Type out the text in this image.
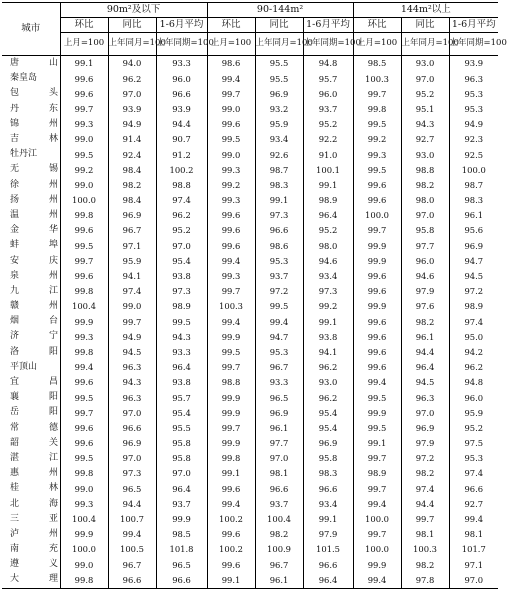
城市	90m²及以下			90-144m²			144m²以上		
	环比	同比	1-6月平均	环比	同比	1-6月平均	环比	同比	1-6月平均
	上月=100	上年同月=100	上年同期=100	上月=100	上年同月=100	上年同期=100	上月=100	上年同月=100	上年同期=100
唐山	99.1	94.0	93.3	98.6	95.5	94.8	98.5	93.0	93.9
秦皇岛	99.6	96.2	96.0	99.4	95.5	95.7	100.3	97.0	96.3
包头	99.6	97.0	96.6	99.7	96.9	96.0	99.7	95.2	95.3
丹东	99.7	93.9	93.9	99.0	93.2	93.7	99.8	95.1	95.3
锦州	99.3	94.9	94.4	99.6	95.9	95.2	99.5	94.3	94.9
吉林	99.0	91.4	90.7	99.5	93.4	92.2	99.2	92.7	92.3
牡丹江	99.5	92.4	91.2	99.0	92.6	91.0	99.3	93.0	92.5
无锡	99.2	98.4	100.2	99.3	98.7	100.1	99.5	98.8	100.0
徐州	99.0	98.2	98.8	99.2	98.3	99.1	99.6	98.2	98.7
扬州	100.0	98.4	97.4	99.3	99.1	98.9	99.6	98.0	98.3
温州	99.8	96.9	96.2	99.6	97.3	96.4	100.0	97.0	96.1
金华	99.6	96.7	95.2	99.6	96.6	95.2	99.7	95.8	95.6
蚌埠	99.5	97.1	97.0	99.6	98.6	98.0	99.9	97.7	96.9
安庆	99.7	95.9	95.4	99.4	95.3	94.6	99.9	96.0	94.7
泉州	99.6	94.1	93.8	99.3	93.7	93.4	99.6	94.6	94.5
九江	99.8	97.4	97.3	99.7	97.2	97.3	99.6	97.9	97.2
赣州	100.4	99.0	98.9	100.3	99.5	99.2	99.9	97.6	98.9
烟台	99.9	99.7	99.5	99.4	99.4	99.1	99.6	98.2	97.4
济宁	99.3	94.9	94.3	99.9	94.7	93.8	99.6	96.1	95.0
洛阳	99.8	94.5	93.3	99.5	95.3	94.1	99.6	94.4	94.2
平顶山	99.4	96.3	96.4	99.7	96.7	96.2	99.6	96.4	96.2
宜昌	99.6	94.3	93.8	98.8	93.3	93.0	99.4	94.5	94.8
襄阳	99.5	96.3	95.7	99.9	96.5	96.2	99.5	96.3	96.0
岳阳	99.7	97.0	95.4	99.9	96.9	95.4	99.9	97.0	95.9
常德	99.6	96.6	95.5	99.7	96.1	95.4	99.5	96.9	95.2
韶关	99.6	96.9	95.8	99.9	97.7	96.9	99.1	97.9	97.5
湛江	99.5	97.0	95.8	99.8	97.0	95.8	99.7	97.2	95.3
惠州	99.8	97.3	97.0	99.1	98.1	98.3	98.9	98.2	97.4
桂林	99.0	96.5	96.4	99.6	96.6	96.6	99.7	97.4	96.6
北海	99.3	94.4	93.7	99.4	93.7	93.4	99.4	94.4	92.7
三亚	100.4	100.7	99.9	100.2	100.4	99.1	100.0	99.7	99.4
泸州	99.9	99.4	98.5	99.6	98.2	97.9	99.7	98.1	98.1
南充	100.0	100.5	101.8	100.2	100.9	101.5	100.0	100.3	101.7
遵义	99.0	96.7	96.5	99.6	96.7	96.6	99.9	98.2	97.1
大理	99.8	96.6	96.6	99.1	96.1	96.4	99.4	97.8	97.0
